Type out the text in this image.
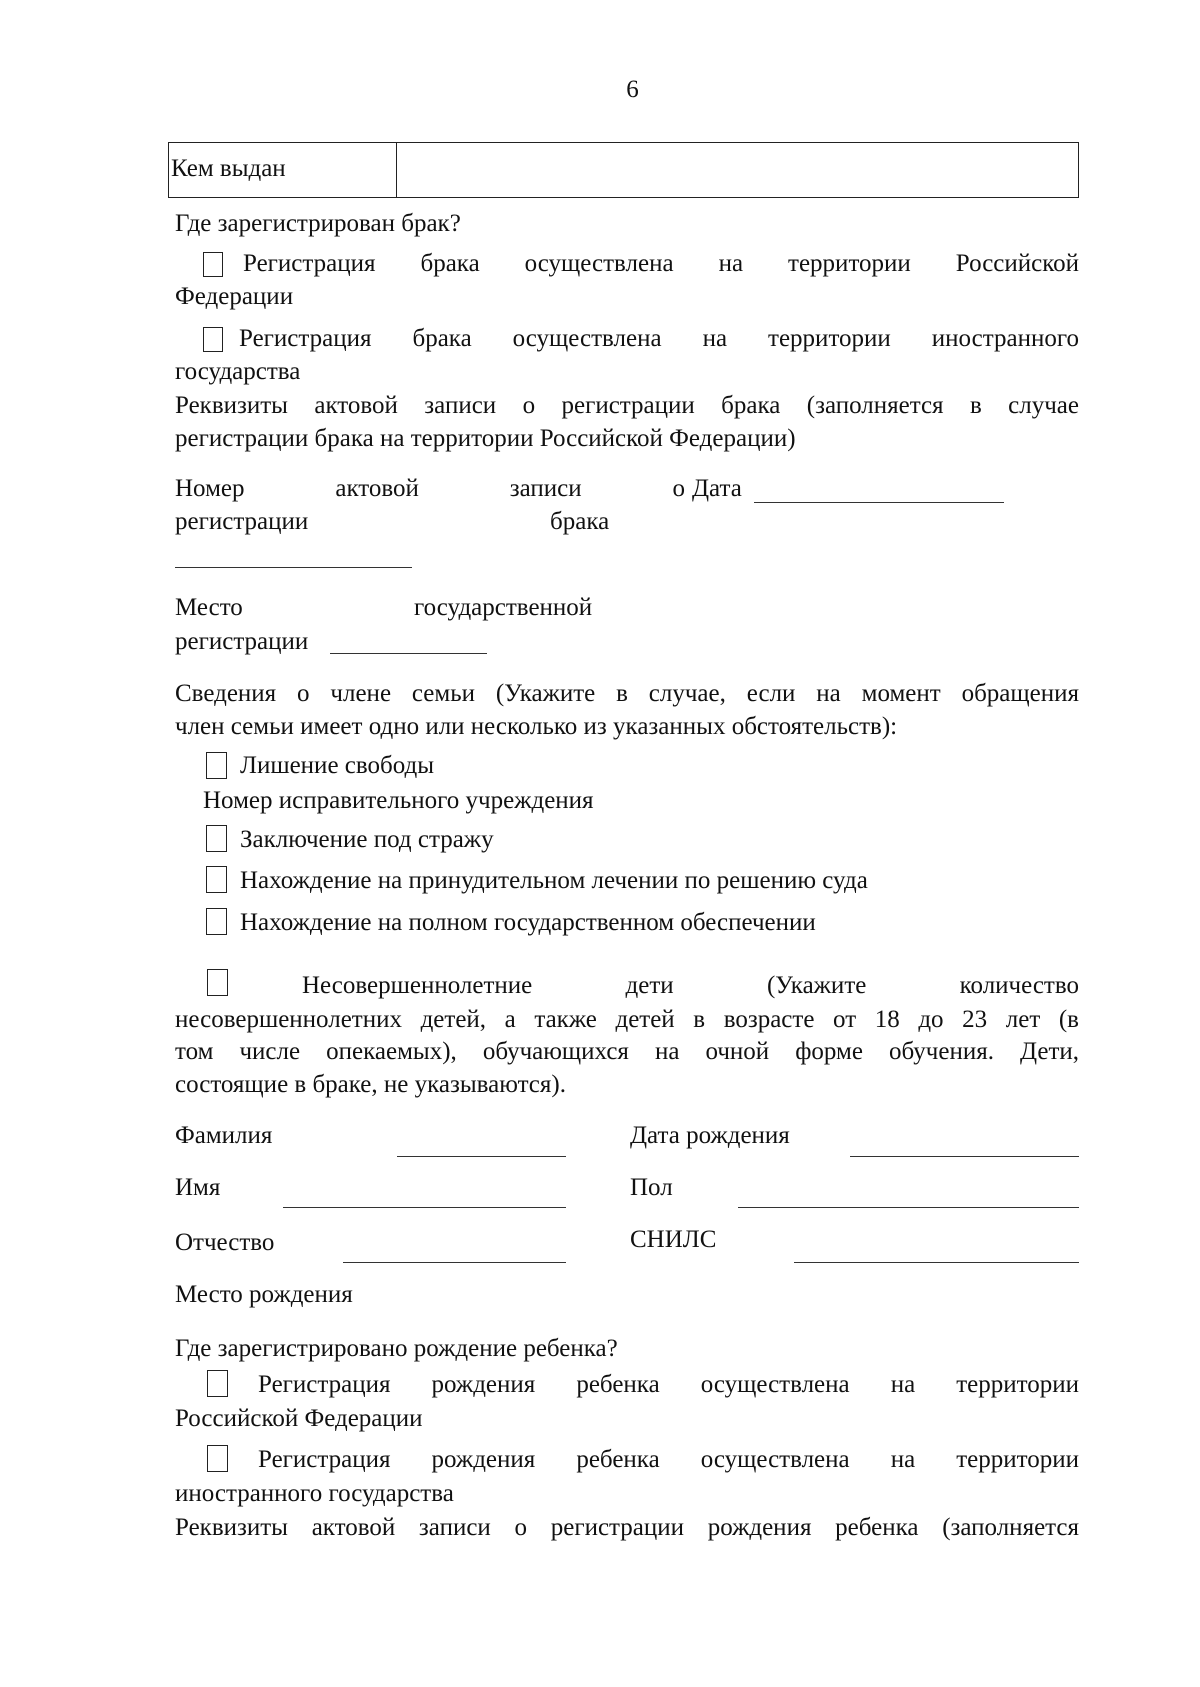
6
Кем выдан
Где зарегистрирован брак?
Регистрация брака осуществлена на территории Российской
Федерации
Регистрация брака осуществлена на территории иностранного
государства
Реквизиты актовой записи о регистрации брака (заполняется в случае
регистрации брака на территории Российской Федерации)
Номер	актовой	записи	о Дата
регистрации	брака
Место	государственной
регистрации
Сведения о члене семьи (Укажите в случае, если на момент обращения
член семьи имеет одно или несколько из указанных обстоятельств):
Лишение свободы
Номер исправительного учреждения
Заключение под стражу
Нахождение на принудительном лечении по решению суда
Нахождение на полном государственном обеспечении
Несовершеннолетние	дети	(Укажите	количество
несовершеннолетних детей, а также детей в возрасте от 18 до 23 лет (в
том числе опекаемых), обучающихся на очной форме обучения. Дети,
состоящие в браке, не указываются).
Фамилия	Дата рождения
Имя	Пол
Отчество	СНИЛС
Место рождения
Где зарегистрировано рождение ребенка?
Регистрация рождения ребенка осуществлена на территории
Российской Федерации
Регистрация рождения ребенка осуществлена на территории
иностранного государства
Реквизиты актовой записи о регистрации рождения ребенка (заполняется
